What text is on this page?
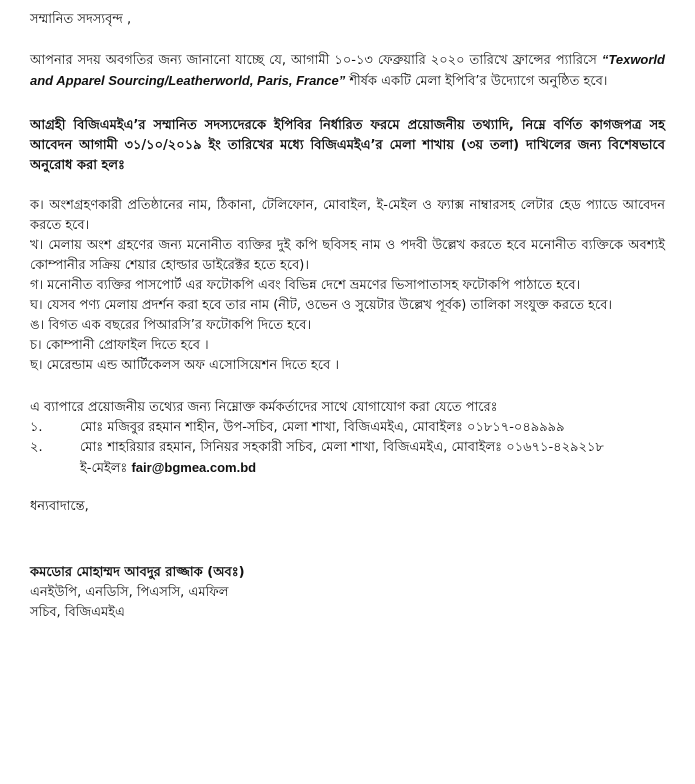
সম্মানিত সদস্যবৃন্দ ,

আপনার সদয় অবগতির জন্য জানানো যাচ্ছে যে, আগামী ১০-১৩ ফেব্রুয়ারি ২০২০ তারিখে ফ্রান্সের প্যারিসে “Texworld and Apparel Sourcing/Leatherworld, Paris, France” শীর্ষক একটি মেলা ইপিবি’র উদ্যোগে অনুষ্ঠিত হবে।

আগ্রহী বিজিএমইএ’র সম্মানিত সদস্যদেরকে ইপিবির নির্ধারিত ফরমে প্রয়োজনীয় তথ্যাদি, নিম্নে বর্ণিত কাগজপত্র সহ আবেদন আগামী ৩১/১০/২০১৯ ইং তারিখের মধ্যে বিজিএমইএ’র মেলা শাখায় (৩য় তলা) দাখিলের জন্য বিশেষভাবে অনুরোধ করা হলঃ

ক। অংশগ্রহণকারী প্রতিষ্ঠানের নাম, ঠিকানা, টেলিফোন, মোবাইল, ই-মেইল ও ফ্যাক্স নাম্বারসহ লেটার হেড প্যাডে আবেদন করতে হবে।

খ। মেলায় অংশ গ্রহণের জন্য মনোনীত ব্যক্তির দুই কপি ছবিসহ নাম ও পদবী উল্লেখ করতে হবে মনোনীত ব্যক্তিকে অবশ্যই কোম্পানীর সক্রিয় শেয়ার হোল্ডার ডাইরেক্টর হতে হবে)।

গ। মনোনীত ব্যক্তির পাসপোর্ট এর ফটোকপি এবং বিভিন্ন দেশে ভ্রমণের ভিসাপাতাসহ ফটোকপি পাঠাতে হবে।

ঘ। যেসব পণ্য মেলায় প্রদর্শন করা হবে তার নাম (নীট, ওভেন ও সুয়েটার উল্লেখ পূর্বক) তালিকা সংযুক্ত করতে হবে।

ঙ। বিগত এক বছরের পিআরসি’র ফটোকপি দিতে হবে।

চ। কোম্পানী প্রোফাইল দিতে হবে ।

ছ। মেরেন্ডাম এন্ড আর্টিকেলস অফ এসোসিয়েশন দিতে হবে ।

এ ব্যাপারে প্রয়োজনীয় তথ্যের জন্য নিম্নোক্ত কর্মকর্তাদের সাথে যোগাযোগ করা যেতে পারেঃ

১.	মোঃ মজিবুর রহমান শাহীন, উপ-সচিব, মেলা শাখা, বিজিএমইএ, মোবাইলঃ ০১৮১৭-০৪৯৯৯৯
২.	মোঃ শাহরিয়ার রহমান, সিনিয়র সহকারী সচিব, মেলা শাখা, বিজিএমইএ, মোবাইলঃ ০১৬৭১-৪২৯২১৮

ই-মেইলঃ fair@bgmea.com.bd

ধন্যবাদান্তে,

কমডোর মোহাম্মদ আবদুর রাজ্জাক (অবঃ)

এনইউপি, এনডিসি, পিএসসি, এমফিল

সচিব, বিজিএমইএ
